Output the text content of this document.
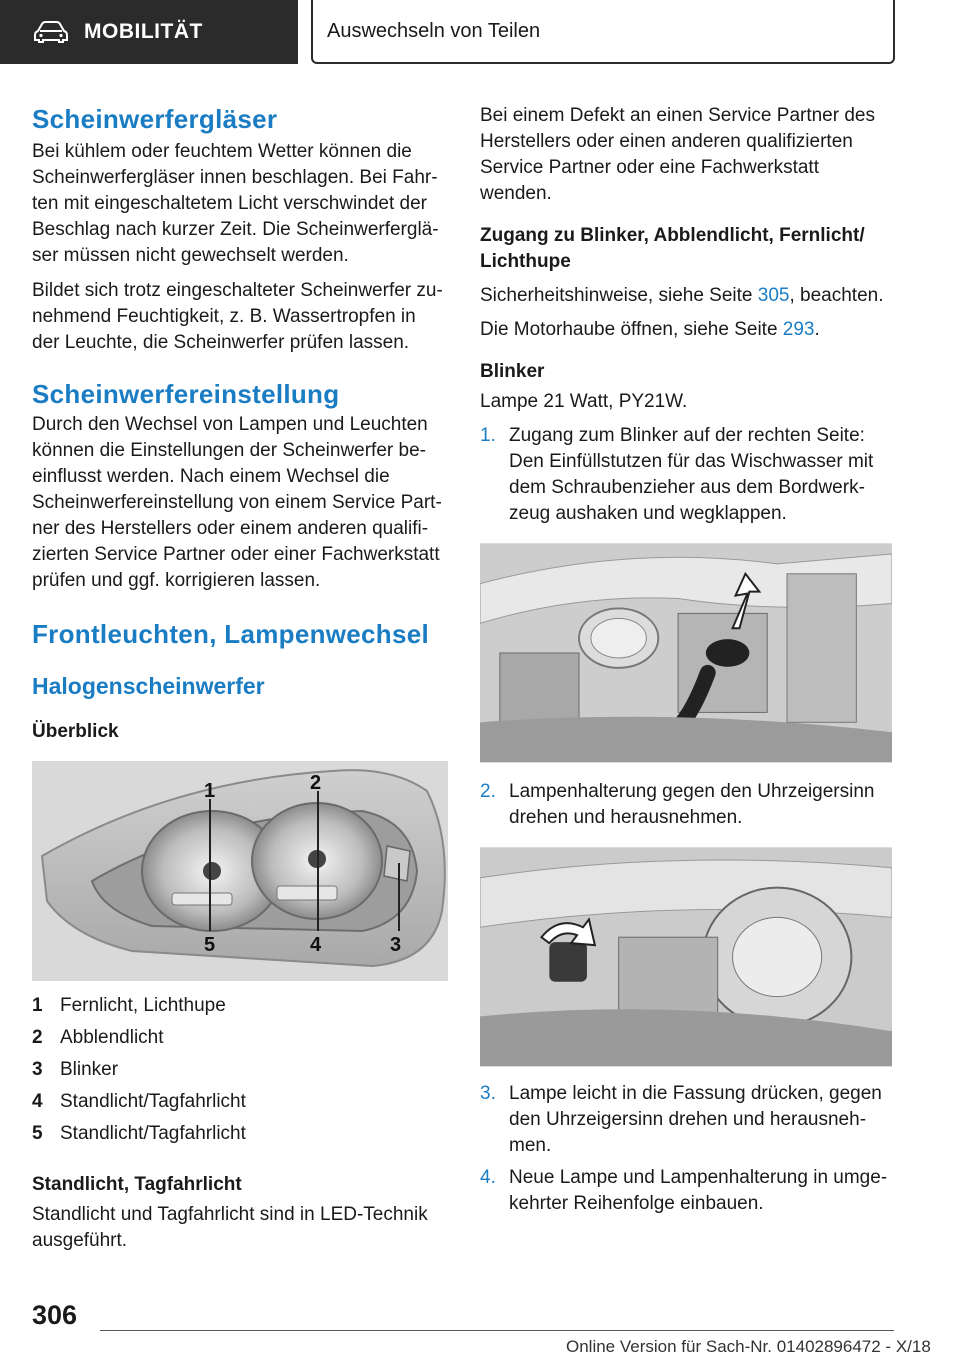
MOBILITÄT	Auswechseln von Teilen
Scheinwerfergläser

Bei kühlem oder feuchtem Wetter können die Scheinwerfergläser innen beschlagen. Bei Fahrten mit eingeschaltetem Licht verschwindet der Beschlag nach kurzer Zeit. Die Scheinwerfergläser müssen nicht gewechselt werden.

Bildet sich trotz eingeschalteter Scheinwerfer zunehmend Feuchtigkeit, z. B. Wassertropfen in der Leuchte, die Scheinwerfer prüfen lassen.

Scheinwerfereinstellung

Durch den Wechsel von Lampen und Leuchten können die Einstellungen der Scheinwerfer beeinflusst werden. Nach einem Wechsel die Scheinwerfereinstellung von einem Service Partner des Herstellers oder einem anderen qualifizierten Service Partner oder einer Fachwerkstatt prüfen und ggf. korrigieren lassen.

Frontleuchten, Lampenwechsel
Halogenscheinwerfer

Überblick

1	2
3
4
5
1 Fernlicht, Lichthupe
2 Abblendlicht
3 Blinker
4 Standlicht/Tagfahrlicht
5 Standlicht/Tagfahrlicht

Standlicht, Tagfahrlicht

Standlicht und Tagfahrlicht sind in LED-Technik ausgeführt.

Bei einem Defekt an einen Service Partner des Herstellers oder einen anderen qualifizierten Service Partner oder eine Fachwerkstatt wenden.

Zugang zu Blinker, Abblendlicht, Fernlicht/ Lichthupe

Sicherheitshinweise, siehe Seite 305, beachten.

Die Motorhaube öffnen, siehe Seite 293.

Blinker

Lampe 21 Watt, PY21W.

1. Zugang zum Blinker auf der rechten Seite: Den Einfüllstutzen für das Wischwasser mit dem Schraubenzieher aus dem Bordwerkzeug aushaken und wegklappen.
2. Lampenhalterung gegen den Uhrzeigersinn drehen und herausnehmen.
3. Lampe leicht in die Fassung drücken, gegen den Uhrzeigersinn drehen und herausnehmen.
4. Neue Lampe und Lampenhalterung in umgekehrter Reihenfolge einbauen.
306
Online Version für Sach-Nr. 01402896472 - X/18
